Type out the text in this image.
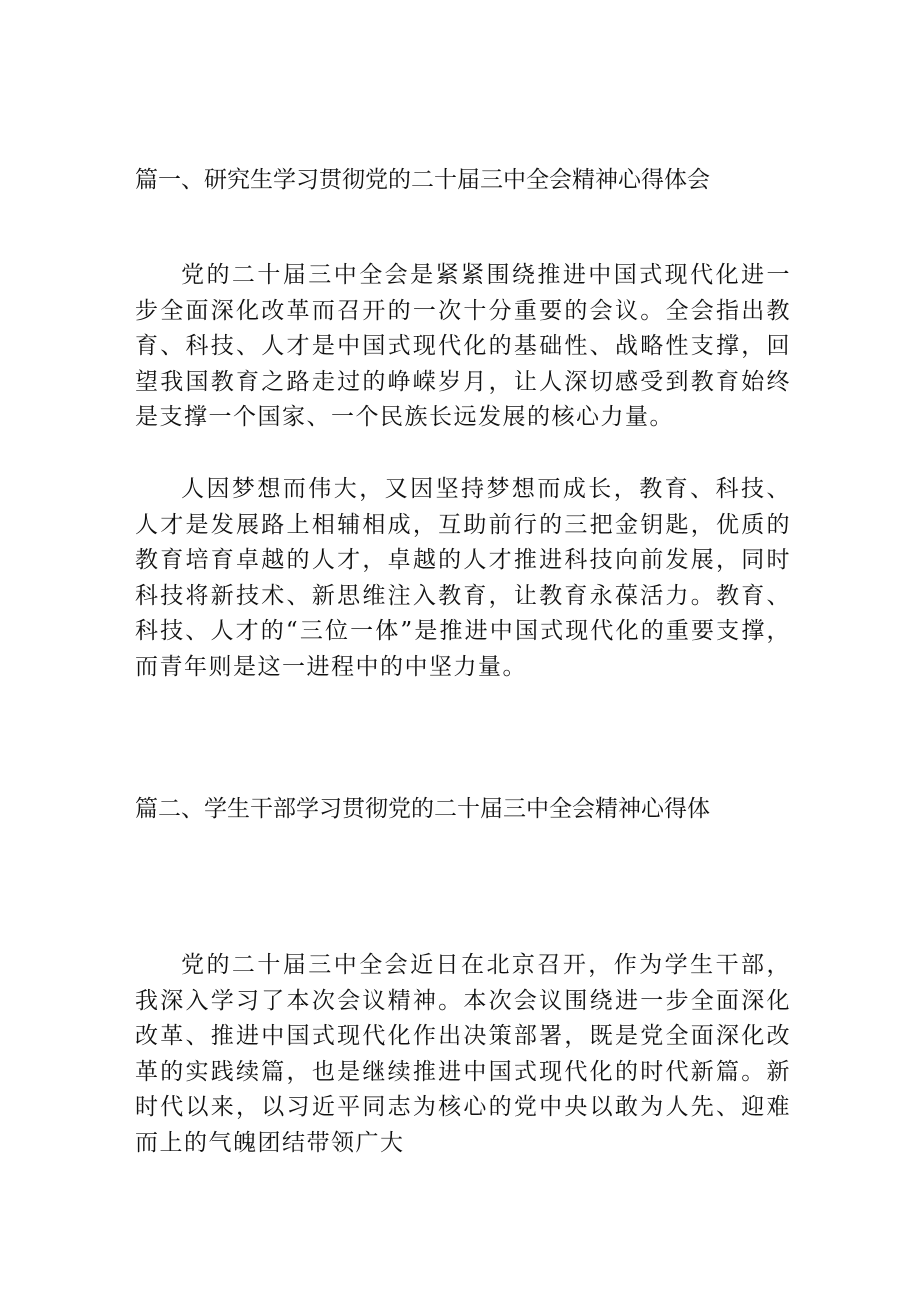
篇一、研究生学习贯彻党的二十届三中全会精神心得体会

党的二十届三中全会是紧紧围绕推进中国式现代化进一步全面深化改革而召开的一次十分重要的会议。全会指出教育、科技、人才是中国式现代化的基础性、战略性支撑，回望我国教育之路走过的峥嵘岁月，让人深切感受到教育始终是支撑一个国家、一个民族长远发展的核心力量。

人因梦想而伟大，又因坚持梦想而成长，教育、科技、人才是发展路上相辅相成，互助前行的三把金钥匙，优质的教育培育卓越的人才，卓越的人才推进科技向前发展，同时科技将新技术、新思维注入教育，让教育永葆活力。教育、科技、人才的“三位一体”是推进中国式现代化的重要支撑，而青年则是这一进程中的中坚力量。

篇二、学生干部学习贯彻党的二十届三中全会精神心得体

党的二十届三中全会近日在北京召开，作为学生干部，我深入学习了本次会议精神。本次会议围绕进一步全面深化改革、推进中国式现代化作出决策部署，既是党全面深化改革的实践续篇，也是继续推进中国式现代化的时代新篇。新时代以来，以习近平同志为核心的党中央以敢为人先、迎难而上的气魄团结带领广大
